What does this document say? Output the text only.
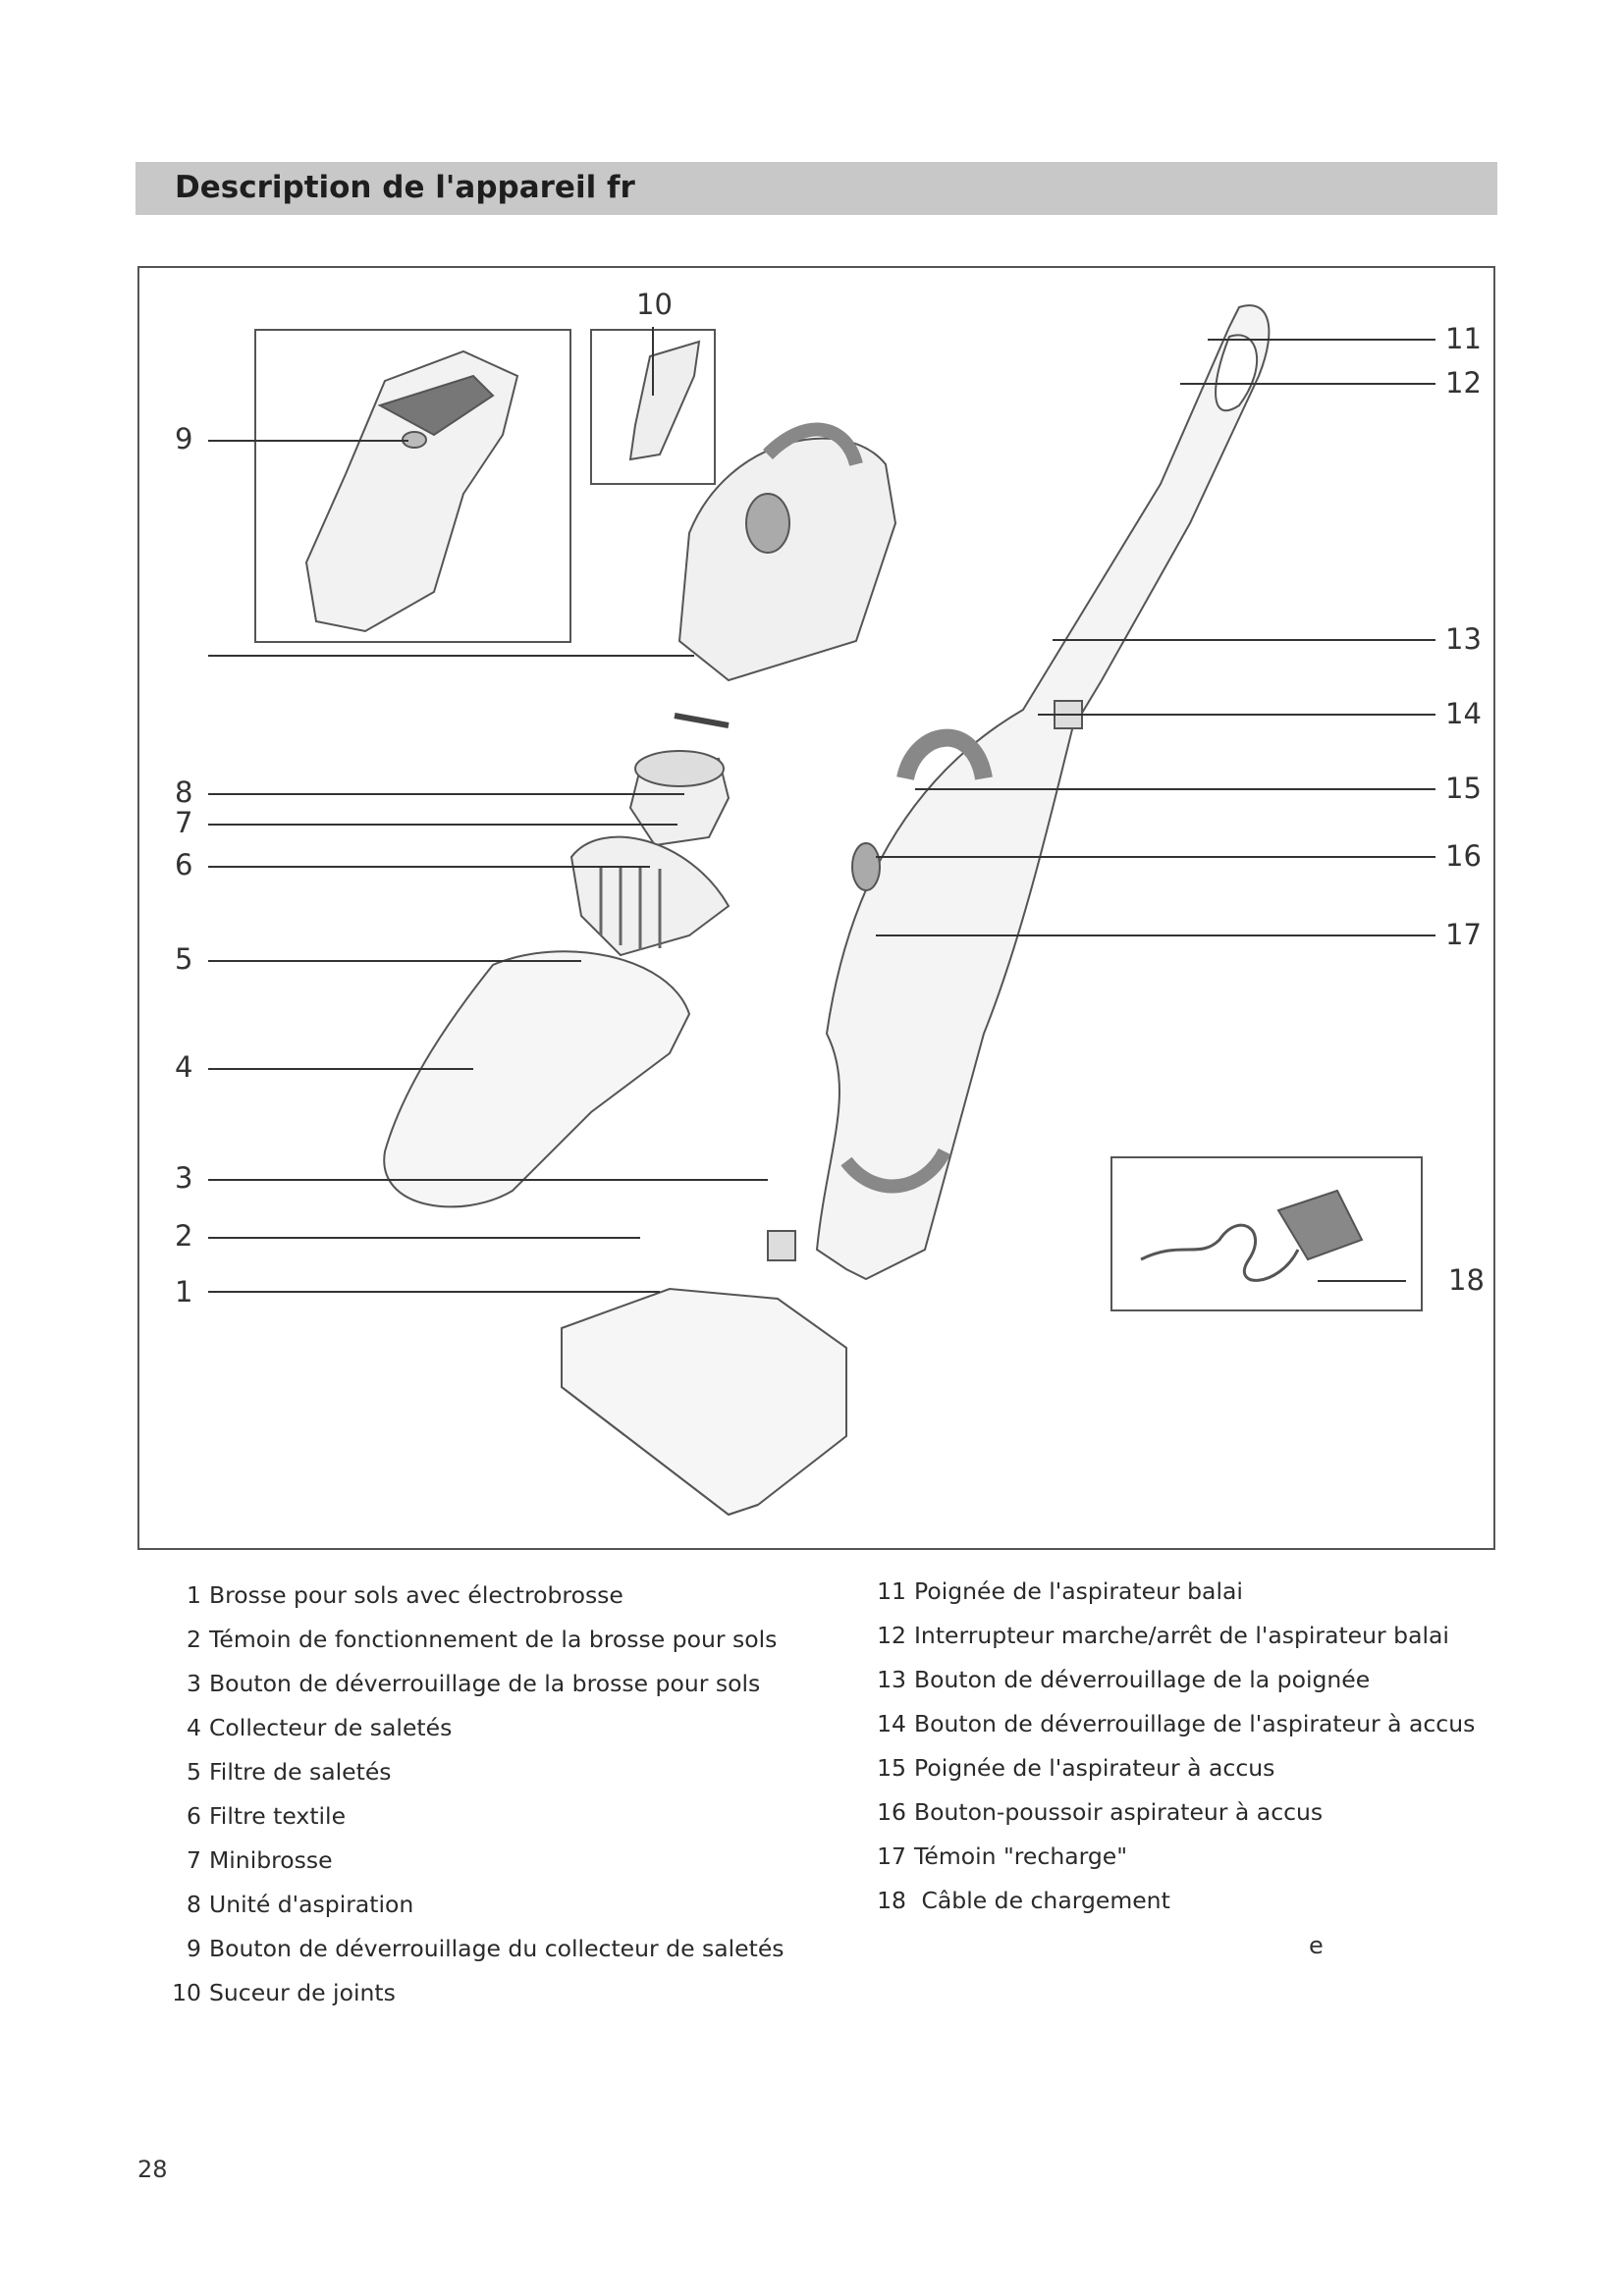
Description de l'appareil fr
1
2
3
4
5
6
7
8
9
10
11
12
13
14
15
16
17
18
1 Brosse pour sols avec électrobrosse
2 Témoin de fonctionnement de la brosse pour sols
3 Bouton de déverrouillage de la brosse pour sols
4 Collecteur de saletés
5 Filtre de saletés
6 Filtre textile
7 Minibrosse
8 Unité d'aspiration
9 Bouton de déverrouillage du collecteur de saletés
10 Suceur de joints
11 Poignée de l'aspirateur balai
12 Interrupteur marche/arrêt de l'aspirateur balai
13 Bouton de déverrouillage de la poignée
14 Bouton de déverrouillage de l'aspirateur à accus
15 Poignée de l'aspirateur à accus
16 Bouton-poussoir aspirateur à accus
17 Témoin "recharge"
18 Câble de chargement
e
28
